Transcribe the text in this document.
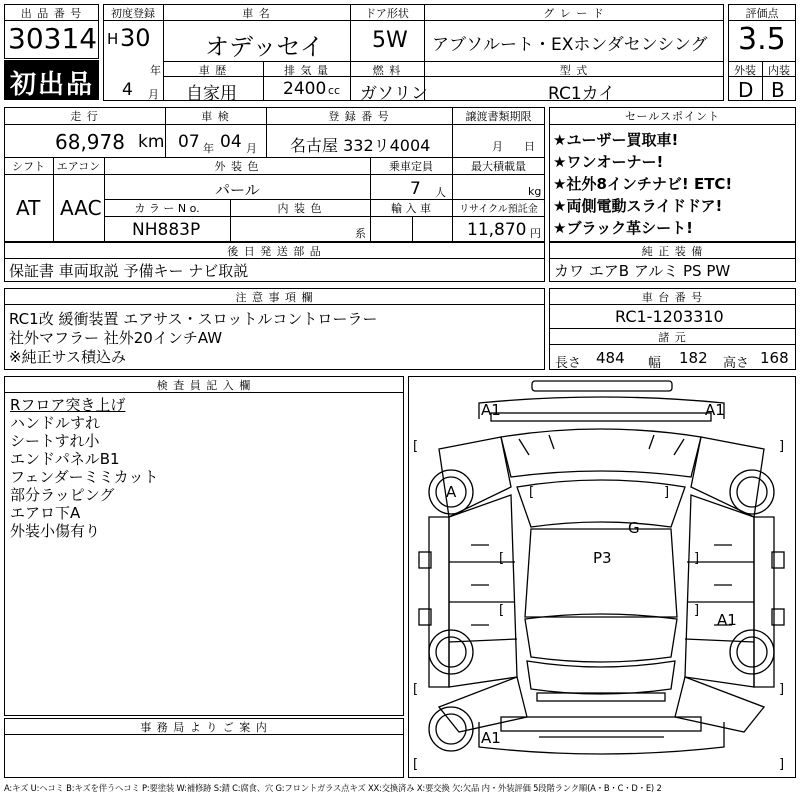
出 品 番 号
30314
初出品
初度登録
H 30
年
4 月
車 名
オデッセイ
ドア形状
5W
グ レ ー ド
アブソルート・EXホンダセンシング
車 歴
自家用
排 気 量
2400 cc
燃 料
ガソリン
型 式
RC1カイ
評価点
3.5
外装	内装
D B
走 行
68,978 km
車 検
07 年 04 月
登 録 番 号
名古屋 332リ4004
譲渡書類期限
月 日
シフト
AT
エアコン
AAC
外 装 色
パール
乗車定員
7 人
最大積載量
kg
カ ラ ー N o.
NH883P
内 装 色
系
輸 入 車	リサイクル預託金
11,870 円
セールスポイント
★ユーザー買取車!
★ワンオーナー!
★社外8インチナビ! ETC!
★両側電動スライドドア!
★ブラック革シート!
後 日 発 送 部 品
保証書 車両取説 予備キー ナビ取説
純 正 装 備
カワ エアB アルミ PS PW
注 意 事 項 欄
RC1改 緩衝装置 エアサス・スロットルコントローラー
社外マフラー 社外20インチAW
※純正サス積込み
車 台 番 号
RC1-1203310
諸 元
長さ 484 幅 182 高さ 168
検 査 員 記 入 欄
Rフロア突き上げ
ハンドルすれ
シートすれ小
エンドパネルB1
フェンダーミミカット
部分ラッピング
エアロ下A
外装小傷有り
事 務 局 よ り ご 案 内
A1	A1
A
G
P3
A1
A1
[	]
[	]
[	]
[	]
[	]
[	]
A:キズ U:ヘコミ B:キズを伴うヘコミ P:要塗装 W:補修跡 S:錆 C:腐食、穴 G:フロントガラス点キズ XX:交換済み X:要交換 欠:欠品 内・外装評価 5段階ランク順(A・B・C・D・E) 2
